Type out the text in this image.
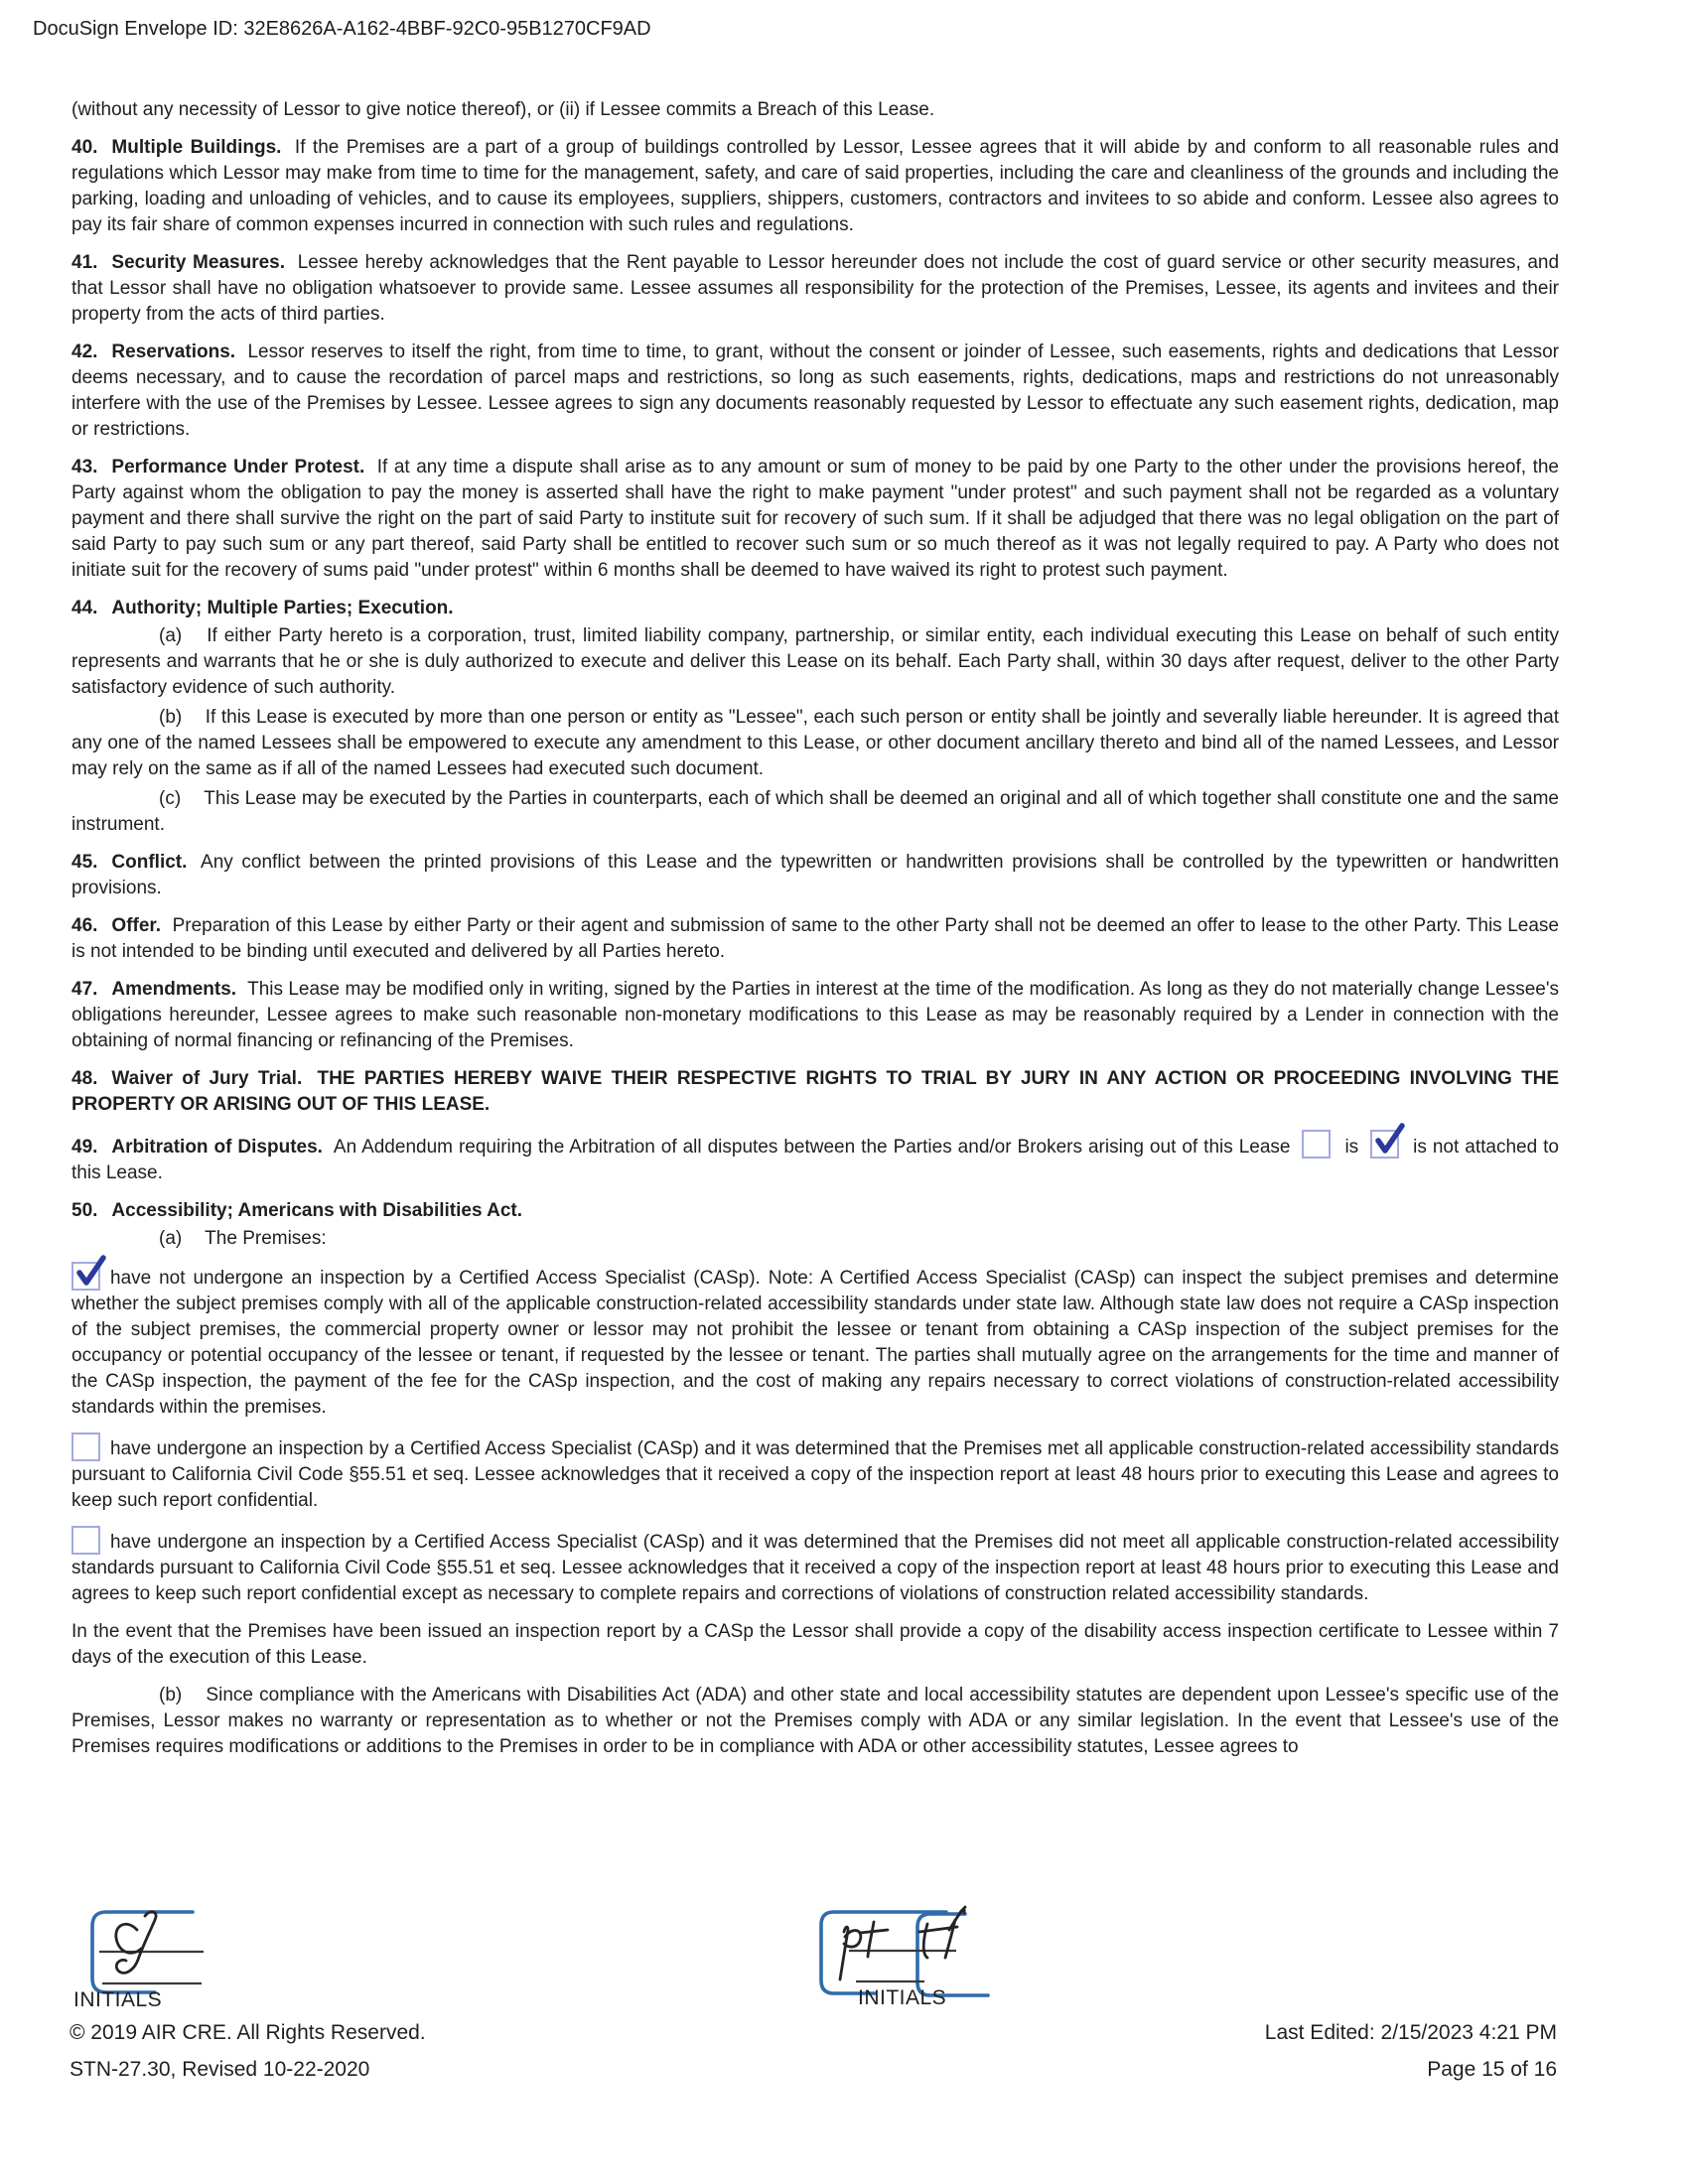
DocuSign Envelope ID: 32E8626A-A162-4BBF-92C0-95B1270CF9AD

(without any necessity of Lessor to give notice thereof), or (ii) if Lessee commits a Breach of this Lease.

40. Multiple Buildings. If the Premises are a part of a group of buildings controlled by Lessor, Lessee agrees that it will abide by and conform to all reasonable rules and regulations which Lessor may make from time to time for the management, safety, and care of said properties, including the care and cleanliness of the grounds and including the parking, loading and unloading of vehicles, and to cause its employees, suppliers, shippers, customers, contractors and invitees to so abide and conform. Lessee also agrees to pay its fair share of common expenses incurred in connection with such rules and regulations.

41. Security Measures. Lessee hereby acknowledges that the Rent payable to Lessor hereunder does not include the cost of guard service or other security measures, and that Lessor shall have no obligation whatsoever to provide same. Lessee assumes all responsibility for the protection of the Premises, Lessee, its agents and invitees and their property from the acts of third parties.

42. Reservations. Lessor reserves to itself the right, from time to time, to grant, without the consent or joinder of Lessee, such easements, rights and dedications that Lessor deems necessary, and to cause the recordation of parcel maps and restrictions, so long as such easements, rights, dedications, maps and restrictions do not unreasonably interfere with the use of the Premises by Lessee. Lessee agrees to sign any documents reasonably requested by Lessor to effectuate any such easement rights, dedication, map or restrictions.

43. Performance Under Protest. If at any time a dispute shall arise as to any amount or sum of money to be paid by one Party to the other under the provisions hereof, the Party against whom the obligation to pay the money is asserted shall have the right to make payment "under protest" and such payment shall not be regarded as a voluntary payment and there shall survive the right on the part of said Party to institute suit for recovery of such sum. If it shall be adjudged that there was no legal obligation on the part of said Party to pay such sum or any part thereof, said Party shall be entitled to recover such sum or so much thereof as it was not legally required to pay. A Party who does not initiate suit for the recovery of sums paid "under protest" within 6 months shall be deemed to have waived its right to protest such payment.

44. Authority; Multiple Parties; Execution.

(a) If either Party hereto is a corporation, trust, limited liability company, partnership, or similar entity, each individual executing this Lease on behalf of such entity represents and warrants that he or she is duly authorized to execute and deliver this Lease on its behalf. Each Party shall, within 30 days after request, deliver to the other Party satisfactory evidence of such authority.

(b) If this Lease is executed by more than one person or entity as "Lessee", each such person or entity shall be jointly and severally liable hereunder. It is agreed that any one of the named Lessees shall be empowered to execute any amendment to this Lease, or other document ancillary thereto and bind all of the named Lessees, and Lessor may rely on the same as if all of the named Lessees had executed such document.

(c) This Lease may be executed by the Parties in counterparts, each of which shall be deemed an original and all of which together shall constitute one and the same instrument.

45. Conflict. Any conflict between the printed provisions of this Lease and the typewritten or handwritten provisions shall be controlled by the typewritten or handwritten provisions.

46. Offer. Preparation of this Lease by either Party or their agent and submission of same to the other Party shall not be deemed an offer to lease to the other Party. This Lease is not intended to be binding until executed and delivered by all Parties hereto.

47. Amendments. This Lease may be modified only in writing, signed by the Parties in interest at the time of the modification. As long as they do not materially change Lessee's obligations hereunder, Lessee agrees to make such reasonable non-monetary modifications to this Lease as may be reasonably required by a Lender in connection with the obtaining of normal financing or refinancing of the Premises.

48. Waiver of Jury Trial. THE PARTIES HEREBY WAIVE THEIR RESPECTIVE RIGHTS TO TRIAL BY JURY IN ANY ACTION OR PROCEEDING INVOLVING THE PROPERTY OR ARISING OUT OF THIS LEASE.

49. Arbitration of Disputes. An Addendum requiring the Arbitration of all disputes between the Parties and/or Brokers arising out of this Lease	is	is not attached to this Lease.

50. Accessibility; Americans with Disabilities Act.

(a) The Premises:

have not undergone an inspection by a Certified Access Specialist (CASp). Note: A Certified Access Specialist (CASp) can inspect the subject premises and determine whether the subject premises comply with all of the applicable construction-related accessibility standards under state law. Although state law does not require a CASp inspection of the subject premises, the commercial property owner or lessor may not prohibit the lessee or tenant from obtaining a CASp inspection of the subject premises for the occupancy or potential occupancy of the lessee or tenant, if requested by the lessee or tenant. The parties shall mutually agree on the arrangements for the time and manner of the CASp inspection, the payment of the fee for the CASp inspection, and the cost of making any repairs necessary to correct violations of construction-related accessibility standards within the premises.

have undergone an inspection by a Certified Access Specialist (CASp) and it was determined that the Premises met all applicable construction-related accessibility standards pursuant to California Civil Code §55.51 et seq. Lessee acknowledges that it received a copy of the inspection report at least 48 hours prior to executing this Lease and agrees to keep such report confidential.

have undergone an inspection by a Certified Access Specialist (CASp) and it was determined that the Premises did not meet all applicable construction-related accessibility standards pursuant to California Civil Code §55.51 et seq. Lessee acknowledges that it received a copy of the inspection report at least 48 hours prior to executing this Lease and agrees to keep such report confidential except as necessary to complete repairs and corrections of violations of construction related accessibility standards.

In the event that the Premises have been issued an inspection report by a CASp the Lessor shall provide a copy of the disability access inspection certificate to Lessee within 7 days of the execution of this Lease.

(b) Since compliance with the Americans with Disabilities Act (ADA) and other state and local accessibility statutes are dependent upon Lessee's specific use of the Premises, Lessor makes no warranty or representation as to whether or not the Premises comply with ADA or any similar legislation. In the event that Lessee's use of the Premises requires modifications or additions to the Premises in order to be in compliance with ADA or other accessibility statutes, Lessee agrees to

INITIALS	INITIALS
© 2019 AIR CRE. All Rights Reserved.
STN-27.30, Revised 10-22-2020
Last Edited: 2/15/2023 4:21 PM
Page 15 of 16
